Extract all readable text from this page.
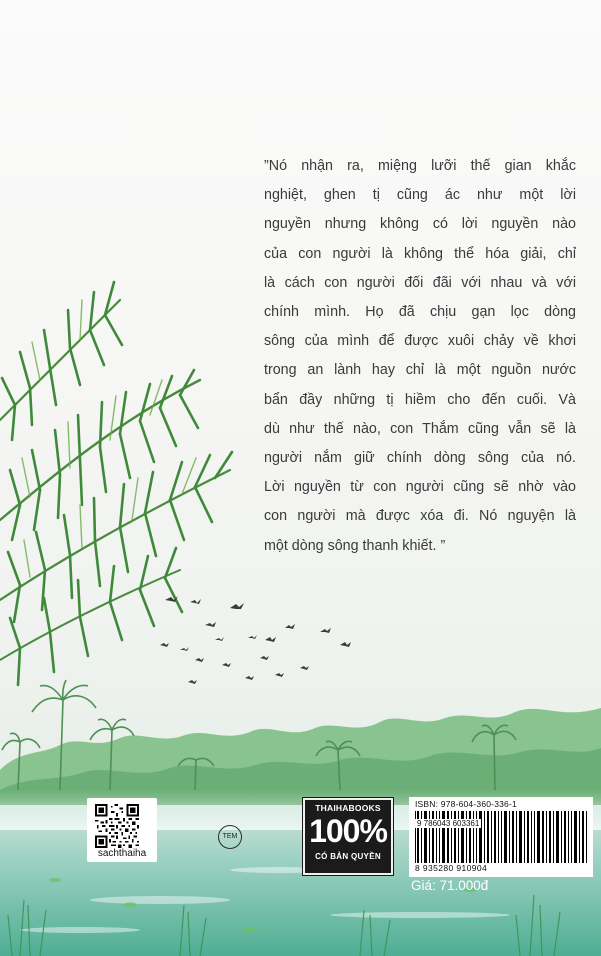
”Nó nhận ra, miệng lưỡi thế gian khắc
nghiệt, ghen tị cũng ác như một lời
nguyền nhưng không có lời nguyền nào
của con người là không thể hóa giải, chỉ
là cách con người đối đãi với nhau và với
chính mình. Họ đã chịu gạn lọc dòng
sông của mình để được xuôi chảy về khơi
trong an lành hay chỉ là một nguồn nước
bẩn đầy những tị hiềm cho đến cuối. Và
dù như thế nào, con Thắm cũng vẫn sẽ là
người nắm giữ chính dòng sông của nó.
Lời nguyền từ con người cũng sẽ nhờ vào
con người mà được xóa đi. Nó nguyện là
một dòng sông thanh khiết. ”
sachthaiha
TEM
THAIHABOOKS
100%
CÓ BẢN QUYỀN
ISBN: 978-604-360-336-1
9 786043 603361
8 935280 910904
Giá: 71.000đ
